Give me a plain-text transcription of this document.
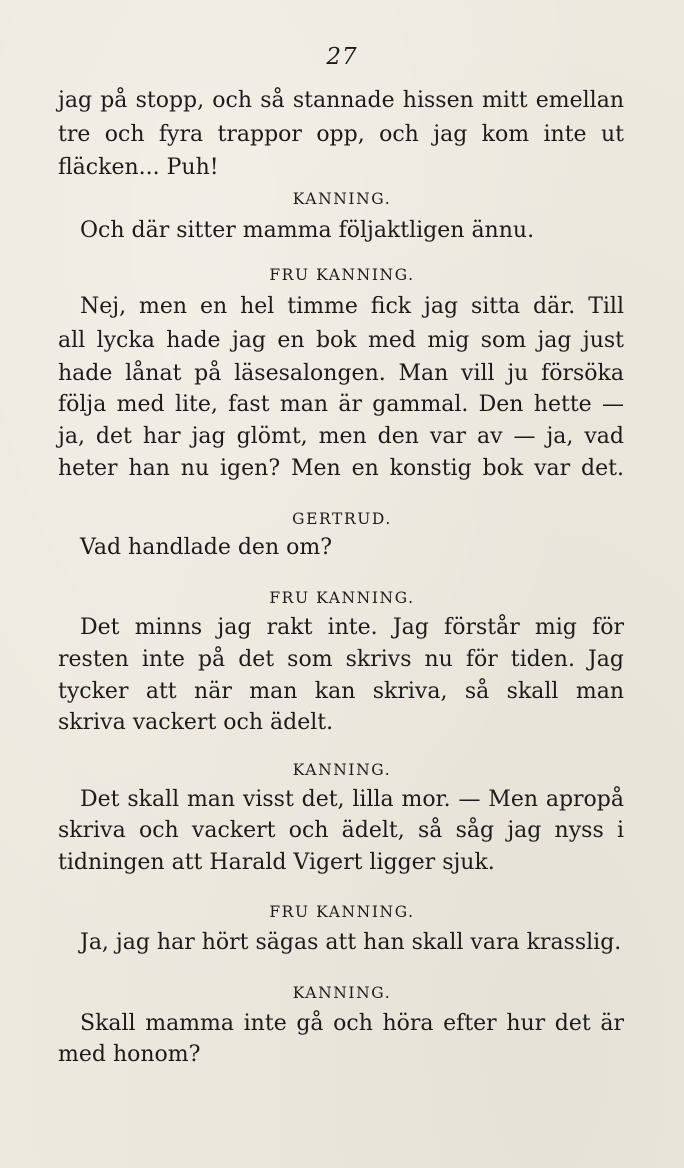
27
jag på stopp, och så stannade hissen mitt emellan
tre och fyra trappor opp, och jag kom inte ut
fläcken... Puh!
KANNING.
Och där sitter mamma följaktligen ännu.
FRU KANNING.
Nej, men en hel timme fick jag sitta där. Till
all lycka hade jag en bok med mig som jag just
hade lånat på läsesalongen. Man vill ju försöka
följa med lite, fast man är gammal. Den hette —
ja, det har jag glömt, men den var av — ja, vad
heter han nu igen? Men en konstig bok var det.
GERTRUD.
Vad handlade den om?
FRU KANNING.
Det minns jag rakt inte. Jag förstår mig för
resten inte på det som skrivs nu för tiden. Jag
tycker att när man kan skriva, så skall man
skriva vackert och ädelt.
KANNING.
Det skall man visst det, lilla mor. — Men apropå
skriva och vackert och ädelt, så såg jag nyss i
tidningen att Harald Vigert ligger sjuk.
FRU KANNING.
Ja, jag har hört sägas att han skall vara krasslig.
KANNING.
Skall mamma inte gå och höra efter hur det är
med honom?
